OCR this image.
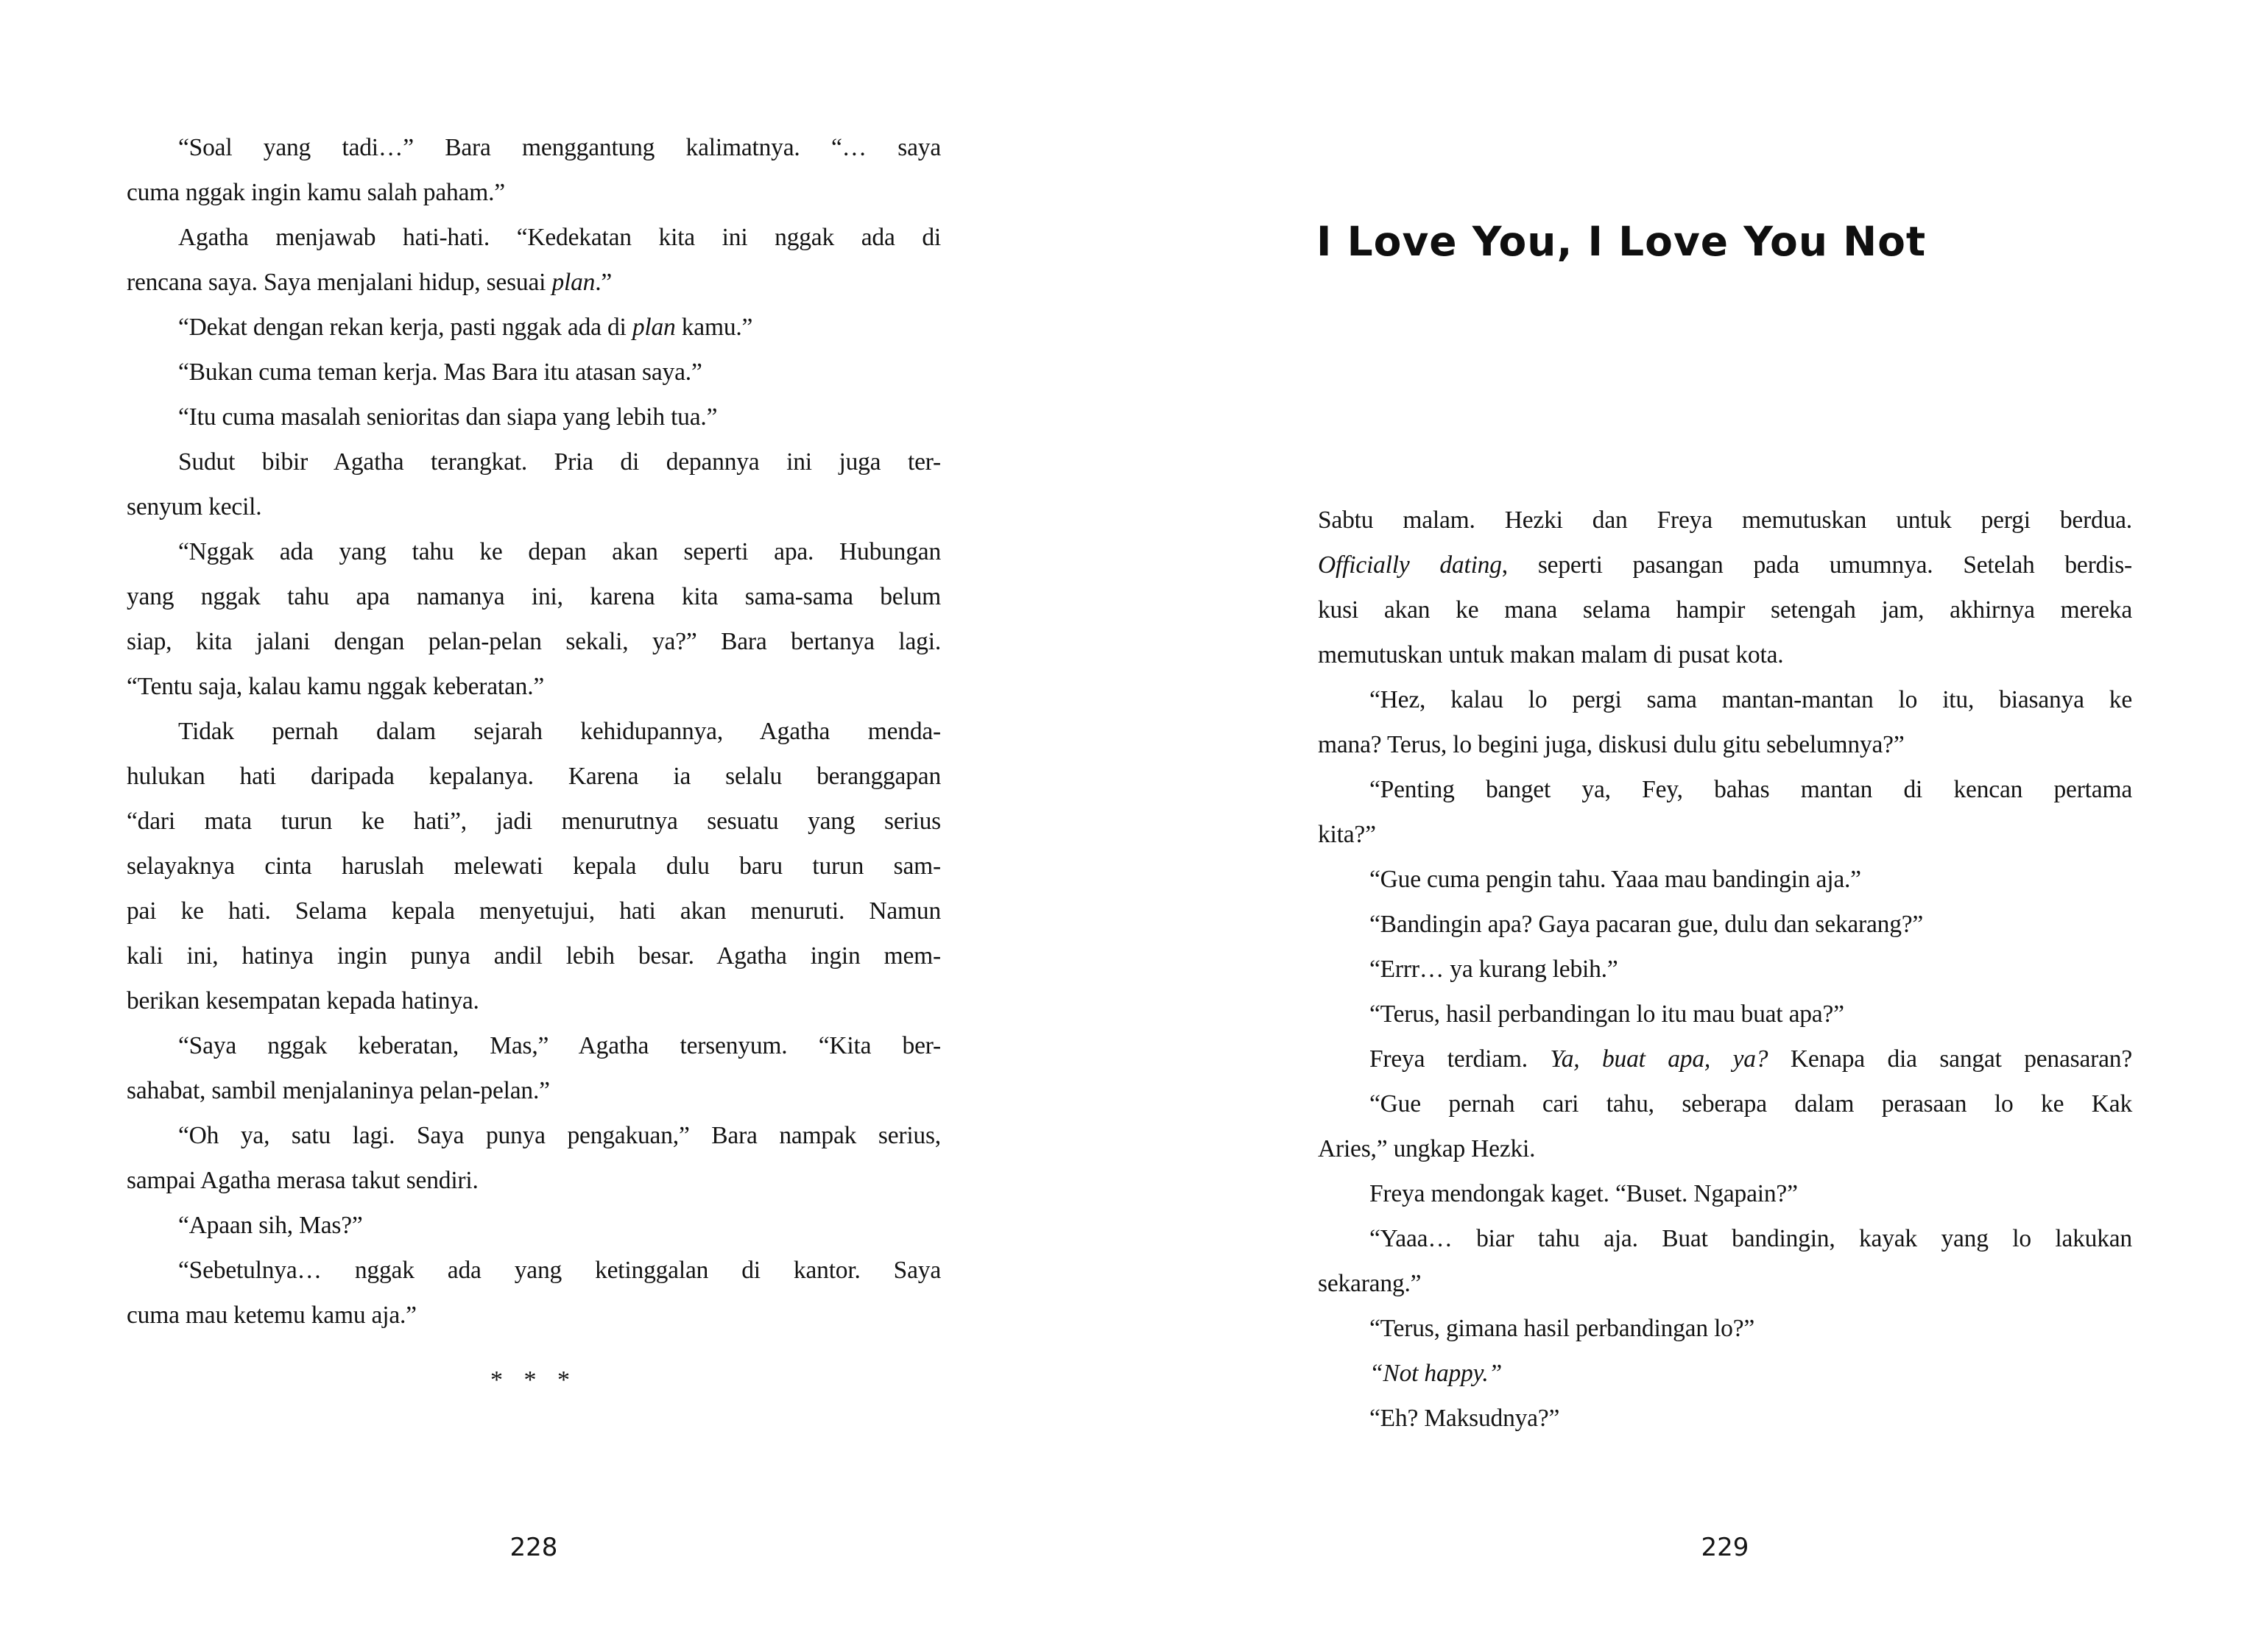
“Soal yang tadi…” Bara menggantung kalimatnya. “… saya
cuma nggak ingin kamu salah paham.”
Agatha menjawab hati-hati. “Kedekatan kita ini nggak ada di
rencana saya. Saya menjalani hidup, sesuai plan.”
“Dekat dengan rekan kerja, pasti nggak ada di plan kamu.”
“Bukan cuma teman kerja. Mas Bara itu atasan saya.”
“Itu cuma masalah senioritas dan siapa yang lebih tua.”
Sudut bibir Agatha terangkat. Pria di depannya ini juga ter-
senyum kecil.
“Nggak ada yang tahu ke depan akan seperti apa. Hubungan
yang nggak tahu apa namanya ini, karena kita sama-sama belum
siap, kita jalani dengan pelan-pelan sekali, ya?” Bara bertanya lagi.
“Tentu saja, kalau kamu nggak keberatan.”
Tidak pernah dalam sejarah kehidupannya, Agatha menda-
hulukan hati daripada kepalanya. Karena ia selalu beranggapan
“dari mata turun ke hati”, jadi menurutnya sesuatu yang serius
selayaknya cinta haruslah melewati kepala dulu baru turun sam-
pai ke hati. Selama kepala menyetujui, hati akan menuruti. Namun
kali ini, hatinya ingin punya andil lebih besar. Agatha ingin mem-
berikan kesempatan kepada hatinya.
“Saya nggak keberatan, Mas,” Agatha tersenyum. “Kita ber-
sahabat, sambil menjalaninya pelan-pelan.”
“Oh ya, satu lagi. Saya punya pengakuan,” Bara nampak serius,
sampai Agatha merasa takut sendiri.
“Apaan sih, Mas?”
“Sebetulnya… nggak ada yang ketinggalan di kantor. Saya
cuma mau ketemu kamu aja.”
* * *
228
I Love You, I Love You Not
Sabtu malam. Hezki dan Freya memutuskan untuk pergi berdua.
Officially dating, seperti pasangan pada umumnya. Setelah berdis-
kusi akan ke mana selama hampir setengah jam, akhirnya mereka
memutuskan untuk makan malam di pusat kota.
“Hez, kalau lo pergi sama mantan-mantan lo itu, biasanya ke
mana? Terus, lo begini juga, diskusi dulu gitu sebelumnya?”
“Penting banget ya, Fey, bahas mantan di kencan pertama
kita?”
“Gue cuma pengin tahu. Yaaa mau bandingin aja.”
“Bandingin apa? Gaya pacaran gue, dulu dan sekarang?”
“Errr… ya kurang lebih.”
“Terus, hasil perbandingan lo itu mau buat apa?”
Freya terdiam. Ya, buat apa, ya? Kenapa dia sangat penasaran?
“Gue pernah cari tahu, seberapa dalam perasaan lo ke Kak
Aries,” ungkap Hezki.
Freya mendongak kaget. “Buset. Ngapain?”
“Yaaa… biar tahu aja. Buat bandingin, kayak yang lo lakukan
sekarang.”
“Terus, gimana hasil perbandingan lo?”
“Not happy.”
“Eh? Maksudnya?”
229
